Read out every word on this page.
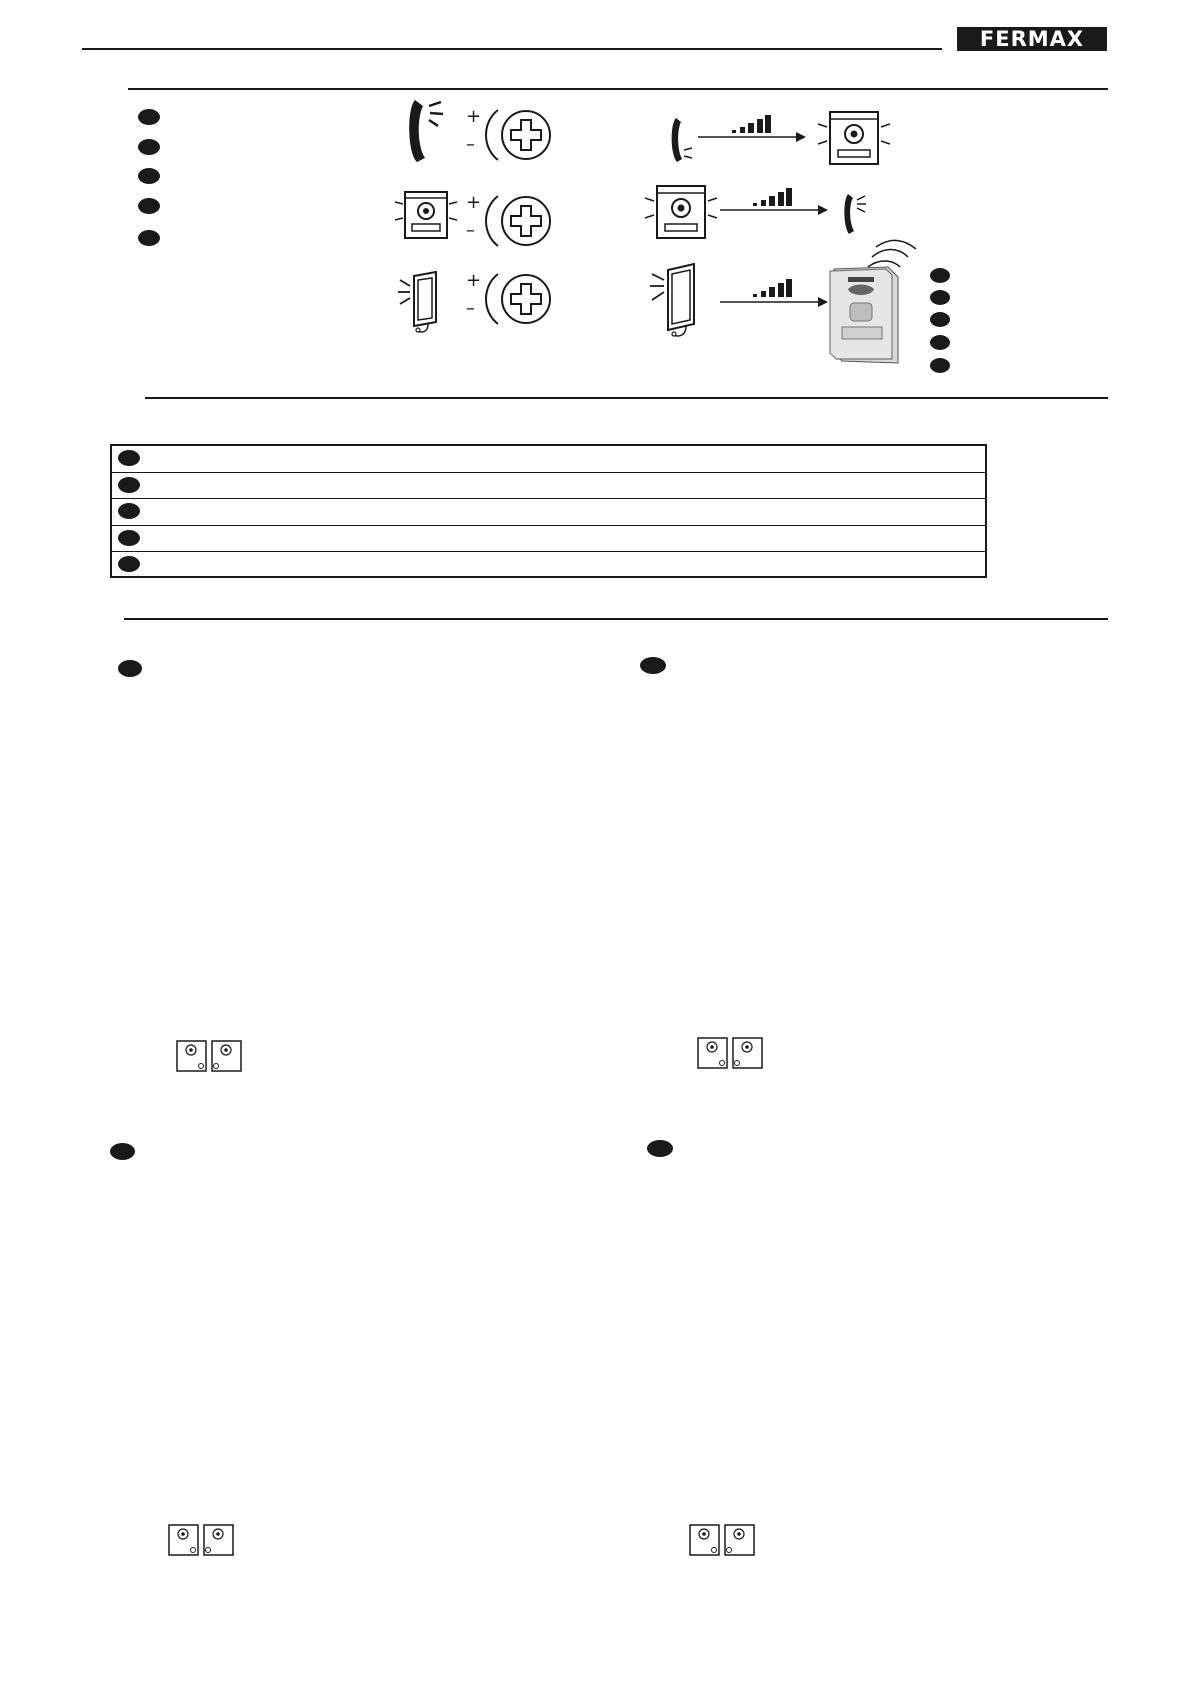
FERMAX
+
–
+
–
+
–
